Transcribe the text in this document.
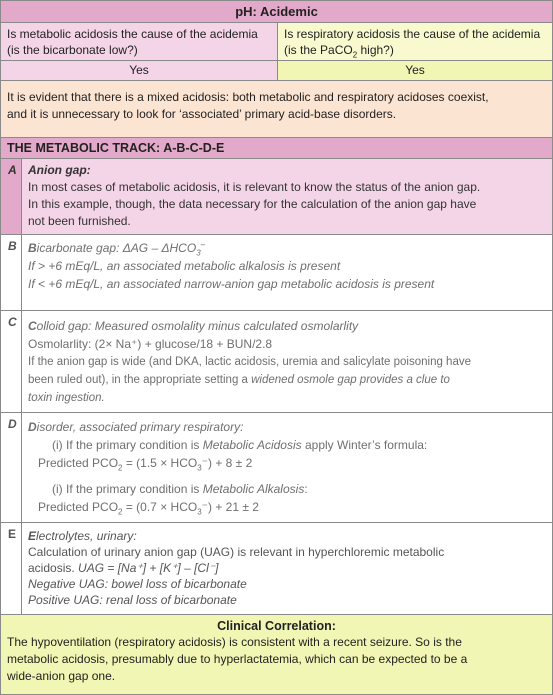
pH: Acidemic
Is metabolic acidosis the cause of the acidemia (is the bicarbonate low?)
Is respiratory acidosis the cause of the acidemia (is the PaCO$_2$ high?)
Yes	Yes
It is evident that there is a mixed acidosis: both metabolic and respiratory acidoses coexist,
and it is unnecessary to look for ‘associated’ primary acid-base disorders.
THE METABOLIC TRACK: A-B-C-D-E
A Anion gap:
In most cases of metabolic acidosis, it is relevant to know the status of the anion gap.
In this example, though, the data necessary for the calculation of the anion gap have
not been furnished.
B Bicarbonate gap: ΔAG – $\Delta HCO_3^-$
If > +6 mEq/L, an associated metabolic alkalosis is present
If < +6 mEq/L, an associated narrow-anion gap metabolic acidosis is present
C Colloid gap: Measured osmolality minus calculated osmolarlity
Osmolarlity: (2× Na⁺) + glucose/18 + BUN/2.8
If the anion gap is wide (and DKA, lactic acidosis, uremia and salicylate poisoning have
been ruled out), in the appropriate setting a widened osmole gap provides a clue to
toxin ingestion.
D Disorder, associated primary respiratory:
(i) If the primary condition is Metabolic Acidosis apply Winter’s formula:
Predicted $PCO_2 = (1.5 \times HCO_3^-) + 8 \pm 2$
(i) If the primary condition is Metabolic Alkalosis:
Predicted $PCO_2 = (0.7 \times HCO_3^-) + 21 \pm 2$
E Electrolytes, urinary:
Calculation of urinary anion gap (UAG) is relevant in hyperchloremic metabolic
acidosis. UAG = [Na⁺] + [K⁺] – [Cl⁻]
Negative UAG: bowel loss of bicarbonate
Positive UAG: renal loss of bicarbonate
Clinical Correlation:
The hypoventilation (respiratory acidosis) is consistent with a recent seizure. So is the
metabolic acidosis, presumably due to hyperlactatemia, which can be expected to be a
wide-anion gap one.
